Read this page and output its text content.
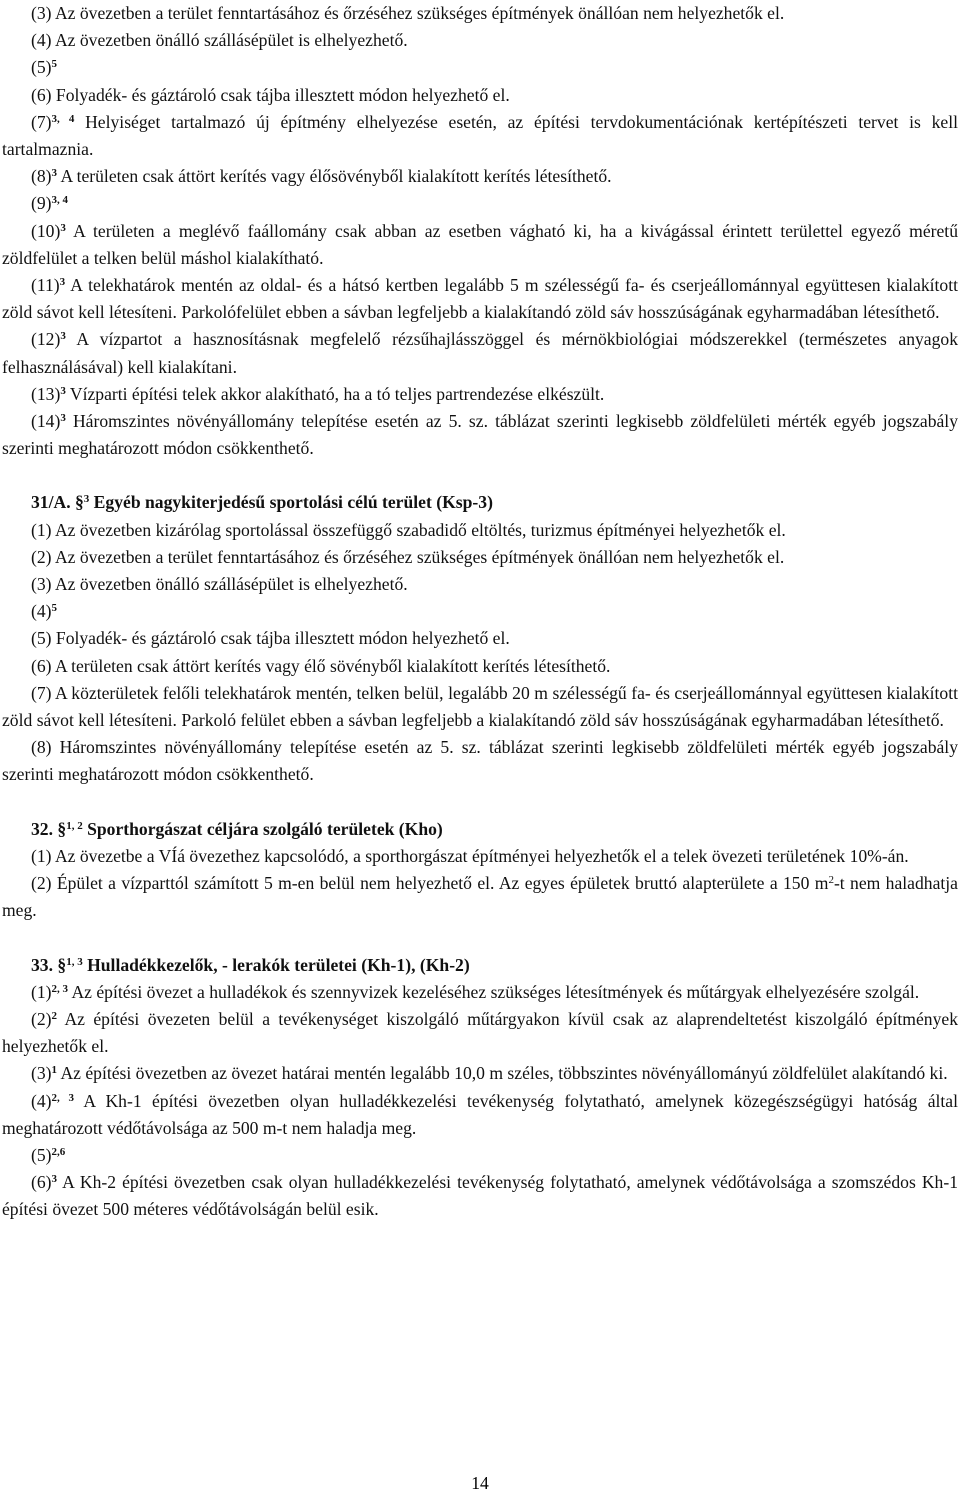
(3) Az övezetben a terület fenntartásához és őrzéséhez szükséges építmények önállóan nem helyezhetők el.

(4) Az övezetben önálló szállásépület is elhelyezhető.

$(5)^5$

(6) Folyadék- és gáztároló csak tájba illesztett módon helyezhető el.

$(7)^{3, 4}$ Helyiséget tartalmazó új építmény elhelyezése esetén, az építési tervdokumentációnak kertépítészeti tervet is kell tartalmaznia.

$(8)^3$ A területen csak áttört kerítés vagy élősövényből kialakított kerítés létesíthető.

$(9)^{3, 4}$

$(10)^3$ A területen a meglévő faállomány csak abban az esetben vágható ki, ha a kivágással érintett területtel egyező méretű zöldfelület a telken belül máshol kialakítható.

$(11)^3$ A telekhatárok mentén az oldal- és a hátsó kertben legalább 5 m szélességű fa- és cserjeállománnyal együttesen kialakított zöld sávot kell létesíteni. Parkolófelület ebben a sávban legfeljebb a kialakítandó zöld sáv hosszúságának egyharmadában létesíthető.

$(12)^3$ A vízpartot a hasznosításnak megfelelő rézsűhajlásszöggel és mérnökbiológiai módszerekkel (természetes anyagok felhasználásával) kell kialakítani.

$(13)^3$ Vízparti építési telek akkor alakítható, ha a tó teljes partrendezése elkészült.

$(14)^3$ Háromszintes növényállomány telepítése esetén az 5. sz. táblázat szerinti legkisebb zöldfelületi mérték egyéb jogszabály szerinti meghatározott módon csökkenthető.

31/A. §$^3$ Egyéb nagykiterjedésű sportolási célú terület (Ksp-3)

(1) Az övezetben kizárólag sportolással összefüggő szabadidő eltöltés, turizmus építményei helyezhetők el.

(2) Az övezetben a terület fenntartásához és őrzéséhez szükséges építmények önállóan nem helyezhetők el.

(3) Az övezetben önálló szállásépület is elhelyezhető.

$(4)^5$

(5) Folyadék- és gáztároló csak tájba illesztett módon helyezhető el.

(6) A területen csak áttört kerítés vagy élő sövényből kialakított kerítés létesíthető.

(7) A közterületek felőli telekhatárok mentén, telken belül, legalább 20 m szélességű fa- és cserjeállománnyal együttesen kialakított zöld sávot kell létesíteni. Parkoló felület ebben a sávban legfeljebb a kialakítandó zöld sáv hosszúságának egyharmadában létesíthető.

(8) Háromszintes növényállomány telepítése esetén az 5. sz. táblázat szerinti legkisebb zöldfelületi mérték egyéb jogszabály szerinti meghatározott módon csökkenthető.

32. §$^{1, 2}$ Sporthorgászat céljára szolgáló területek (Kho)

(1) Az övezetbe a VÍá övezethez kapcsolódó, a sporthorgászat építményei helyezhetők el a telek övezeti területének 10%-án.

(2) Épület a vízparttól számított 5 m-en belül nem helyezhető el. Az egyes épületek bruttó alapterülete a 150 $m^2-t$ nem haladhatja meg.

33. §$^{1, 3}$ Hulladékkezelők, - lerakók területei (Kh-1), (Kh-2)

$(1)^{2, 3}$ Az építési övezet a hulladékok és szennyvizek kezeléséhez szükséges létesítmények és műtárgyak elhelyezésére szolgál.

$(2)^2$ Az építési övezeten belül a tevékenységet kiszolgáló műtárgyakon kívül csak az alaprendeltetést kiszolgáló építmények helyezhetők el.

$(3)^1$ Az építési övezetben az övezet határai mentén legalább 10,0 m széles, többszintes növényállományú zöldfelület alakítandó ki.

$(4)^{2, 3}$ A Kh-1 építési övezetben olyan hulladékkezelési tevékenység folytatható, amelynek közegészségügyi hatóság által meghatározott védőtávolsága az 500 m-t nem haladja meg.

$(5)^{2,6}$

$(6)^3$ A Kh-2 építési övezetben csak olyan hulladékkezelési tevékenység folytatható, amelynek védőtávolsága a szomszédos Kh-1 építési övezet 500 méteres védőtávolságán belül esik.

14
